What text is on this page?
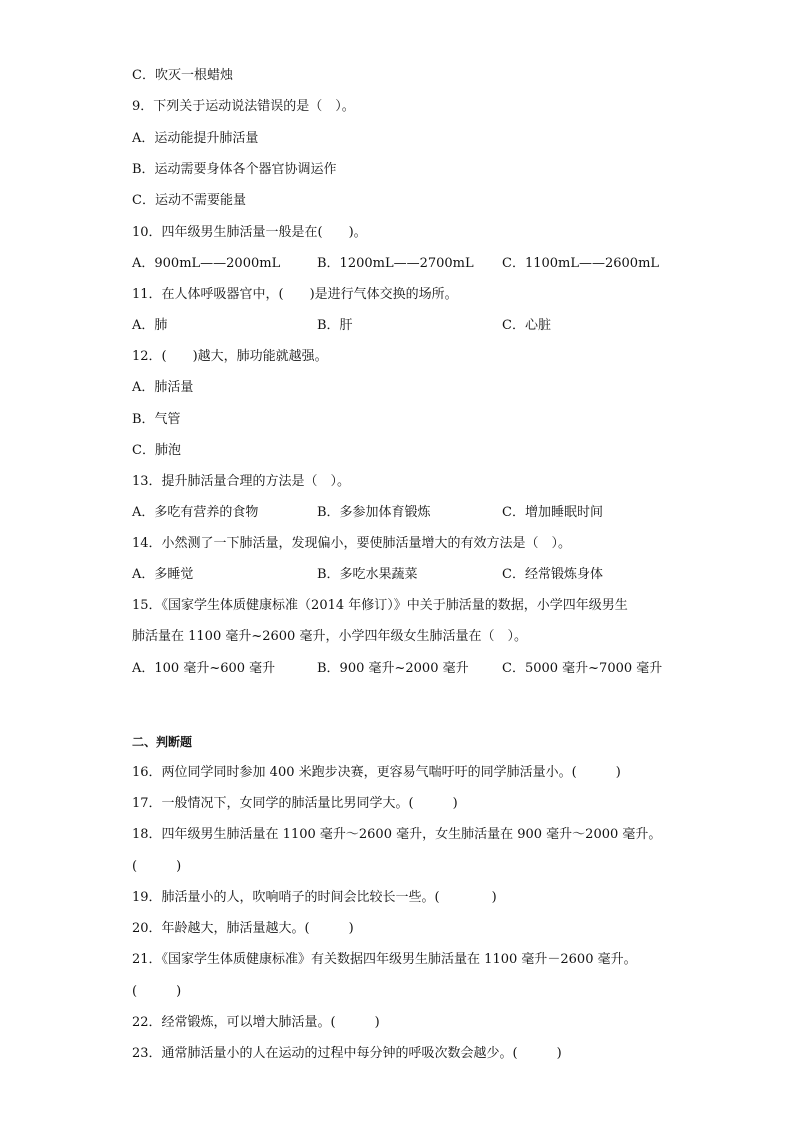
C．吹灭一根蜡烛
9．下列关于运动说法错误的是（　）。
A．运动能提升肺活量
B．运动需要身体各个器官协调运作
C．运动不需要能量
10．四年级男生肺活量一般是在(　　)。
A．900mL——2000mL	B．1200mL——2700mL C．1100mL——2600mL
11．在人体呼吸器官中，(　　)是进行气体交换的场所。
A．肺	B．肝	C．心脏
12．(　　)越大，肺功能就越强。
A．肺活量
B．气管
C．肺泡
13．提升肺活量合理的方法是（　）。
A．多吃有营养的食物	B．多参加体育锻炼	C．增加睡眠时间
14．小然测了一下肺活量，发现偏小，要使肺活量增大的有效方法是（　）。
A．多睡觉	B．多吃水果蔬菜	C．经常锻炼身体
15．《国家学生体质健康标准（2014 年修订）》中关于肺活量的数据，小学四年级男生
肺活量在 1100 毫升~2600 毫升，小学四年级女生肺活量在（　）。
A．100 毫升~600 毫升	B．900 毫升~2000 毫升	C．5000 毫升~7000 毫升
二、判断题
16．两位同学同时参加 400 米跑步决赛，更容易气喘吁吁的同学肺活量小。(　　　)
17．一般情况下，女同学的肺活量比男同学大。(　　　)
18．四年级男生肺活量在 1100 毫升～2600 毫升，女生肺活量在 900 毫升～2000 毫升。
(　　　)
19．肺活量小的人，吹响哨子的时间会比较长一些。(　　　　)
20．年龄越大，肺活量越大。(　　　)
21．《国家学生体质健康标准》有关数据四年级男生肺活量在 1100 毫升－2600 毫升。
(　　　)
22．经常锻炼，可以增大肺活量。(　　　)
23．通常肺活量小的人在运动的过程中每分钟的呼吸次数会越少。(　　　)
